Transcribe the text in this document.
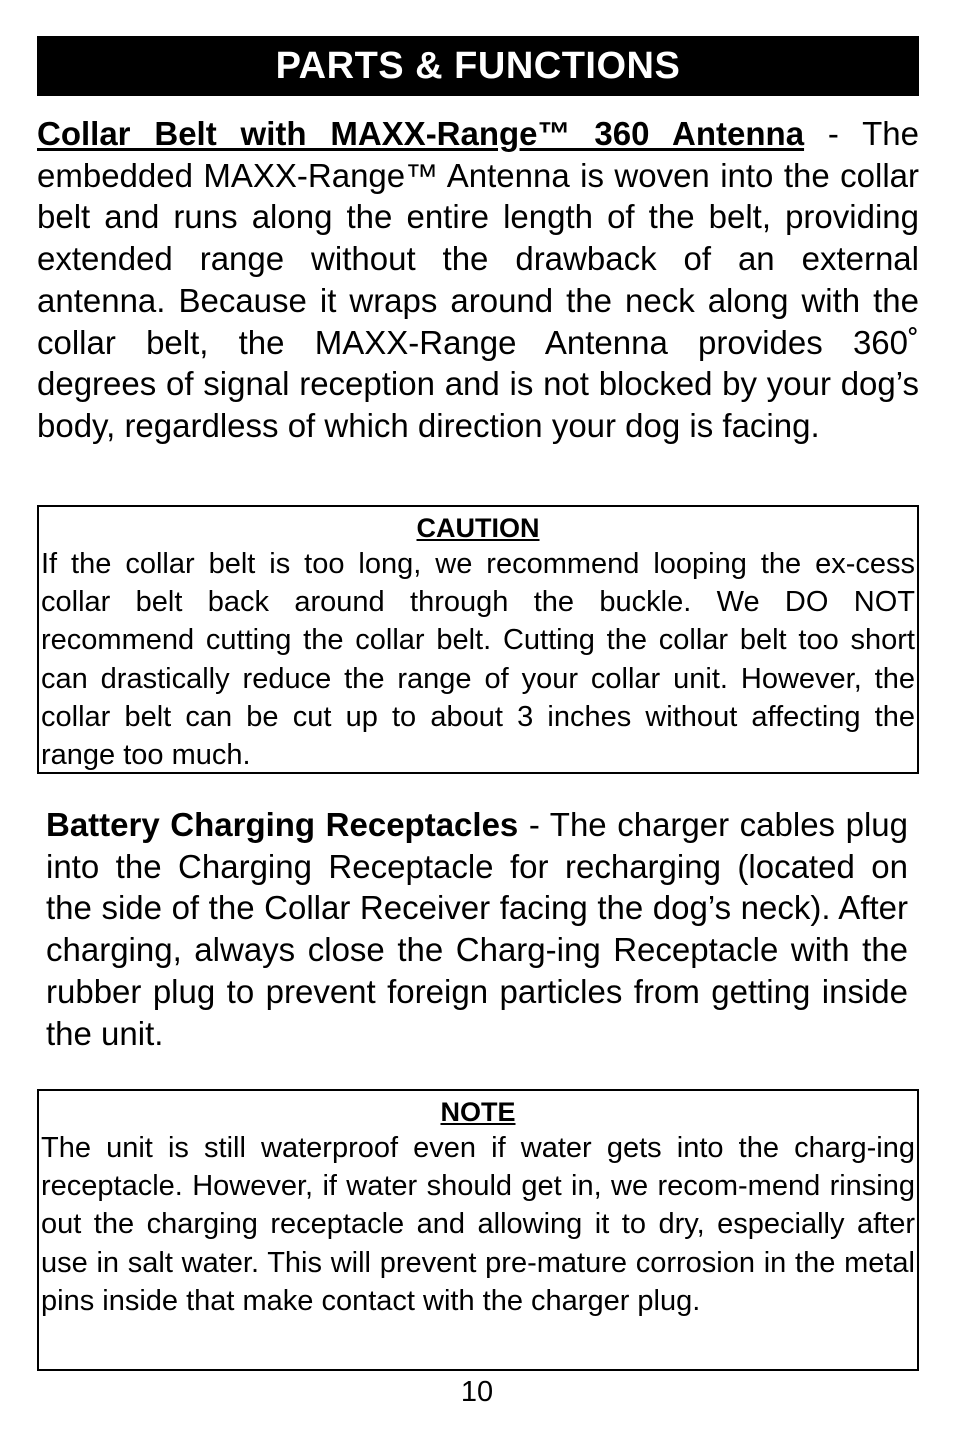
PARTS & FUNCTIONS
Collar Belt with MAXX-Range™ 360 Antenna - The embedded MAXX-Range™ Antenna is woven into the collar belt and runs along the entire length of the belt, providing extended range without the drawback of an external antenna. Because it wraps around the neck along with the collar belt, the MAXX-Range Antenna provides 360˚ degrees of signal reception and is not blocked by your dog’s body, regardless of which direction your dog is facing.
CAUTION
If the collar belt is too long, we recommend looping the ex-cess collar belt back around through the buckle. We DO NOT recommend cutting the collar belt. Cutting the collar belt too short can drastically reduce the range of your collar unit. However, the collar belt can be cut up to about 3 inches without affecting the range too much.
Battery Charging Receptacles - The charger cables plug into the Charging Receptacle for recharging (located on the side of the Collar Receiver facing the dog’s neck). After charging, always close the Charg-ing Receptacle with the rubber plug to prevent foreign particles from getting inside the unit.
NOTE
The unit is still waterproof even if water gets into the charg-ing receptacle. However, if water should get in, we recom-mend rinsing out the charging receptacle and allowing it to dry, especially after use in salt water. This will prevent pre-mature corrosion in the metal pins inside that make contact with the charger plug.
10
